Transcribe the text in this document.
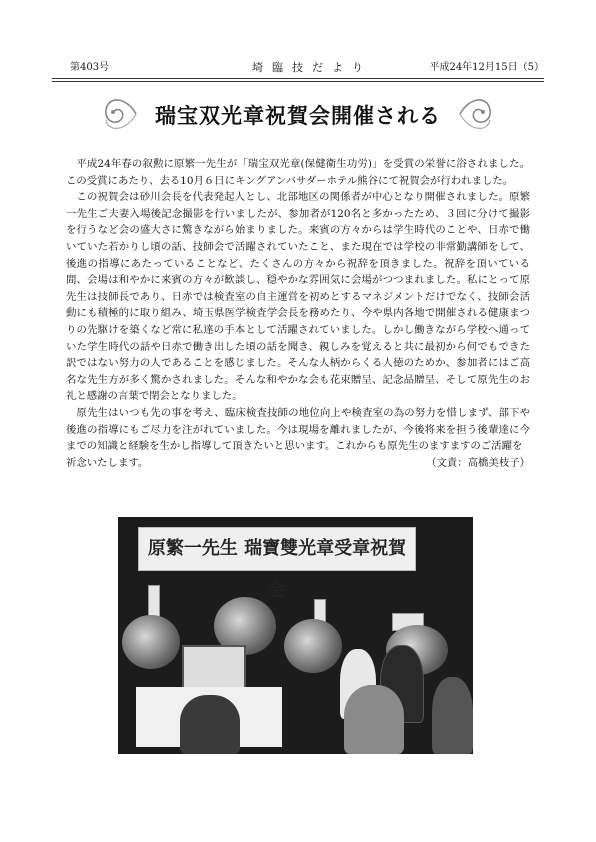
第403号	埼臨技だより	平成24年12月15日（5）
瑞宝双光章祝賀会開催される

平成24年春の叙勲に原繁一先生が「瑞宝双光章(保健衛生功労)」を受賞の栄誉に浴されました。この受賞にあたり、去る10月６日にキングアンバサダーホテル熊谷にて祝賀会が行われました。

この祝賀会は砂川会長を代表発起人とし、北部地区の関係者が中心となり開催されました。原繁一先生ご夫妻入場後記念撮影を行いましたが、参加者が120名と多かったため、３回に分けて撮影を行うなど会の盛大さに驚きながら始まりました。来賓の方々からは学生時代のことや、日赤で働いていた若かりし頃の話、技師会で活躍されていたこと、また現在では学校の非常勤講師をして、後進の指導にあたっていることなど、たくさんの方々から祝辞を頂きました。祝辞を頂いている間、会場は和やかに来賓の方々が歓談し、穏やかな雰囲気に会場がつつまれました。私にとって原先生は技師長であり、日赤では検査室の自主運営を初めとするマネジメントだけでなく、技師会活動にも積極的に取り組み、埼玉県医学検査学会長を務めたり、今や県内各地で開催される健康まつりの先駆けを築くなど常に私達の手本として活躍されていました。しかし働きながら学校へ通っていた学生時代の話や日赤で働き出した頃の話を聞き、親しみを覚えると共に最初から何でもできた訳ではない努力の人であることを感じました。そんな人柄からくる人徳のためか、参加者にはご高名な先生方が多く驚かされました。そんな和やかな会も花束贈呈、記念品贈呈、そして原先生のお礼と感謝の言葉で閉会となりました。

原先生はいつも先の事を考え、臨床検査技師の地位向上や検査室の為の努力を惜しまず、部下や後進の指導にもご尽力を注がれていました。今は現場を離れましたが、今後将来を担う後輩達に今までの知識と経験を生かし指導して頂きたいと思います。これからも原先生のますますのご活躍を

祈念いたします。	（文責：高橋美枝子）
原繁一先生 瑞寶雙光章受章祝賀会
